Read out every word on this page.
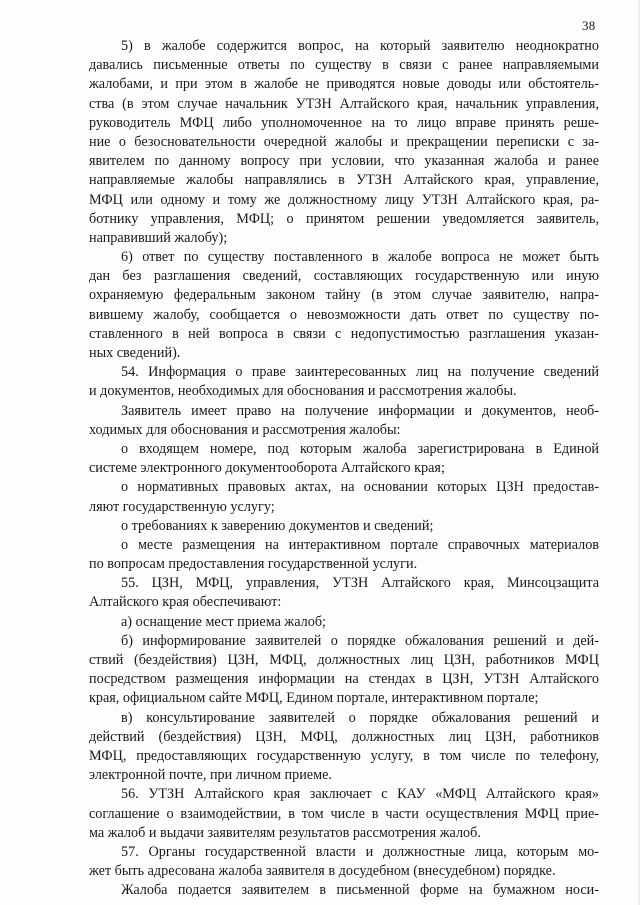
38
5) в жалобе содержится вопрос, на который заявителю неоднократно
давались письменные ответы по существу в связи с ранее направляемыми
жалобами, и при этом в жалобе не приводятся новые доводы или обстоятель-
ства (в этом случае начальник УТЗН Алтайского края, начальник управления,
руководитель МФЦ либо уполномоченное на то лицо вправе принять реше-
ние о безосновательности очередной жалобы и прекращении переписки с за-
явителем по данному вопросу при условии, что указанная жалоба и ранее
направляемые жалобы направлялись в УТЗН Алтайского края, управление,
МФЦ или одному и тому же должностному лицу УТЗН Алтайского края, ра-
ботнику управления, МФЦ; о принятом решении уведомляется заявитель,
направивший жалобу);
6) ответ по существу поставленного в жалобе вопроса не может быть
дан без разглашения сведений, составляющих государственную или иную
охраняемую федеральным законом тайну (в этом случае заявителю, напра-
вившему жалобу, сообщается о невозможности дать ответ по существу по-
ставленного в ней вопроса в связи с недопустимостью разглашения указан-
ных сведений).
54. Информация о праве заинтересованных лиц на получение сведений
и документов, необходимых для обоснования и рассмотрения жалобы.
Заявитель имеет право на получение информации и документов, необ-
ходимых для обоснования и рассмотрения жалобы:
о входящем номере, под которым жалоба зарегистрирована в Единой
системе электронного документооборота Алтайского края;
о нормативных правовых актах, на основании которых ЦЗН предостав-
ляют государственную услугу;
о требованиях к заверению документов и сведений;
о месте размещения на интерактивном портале справочных материалов
по вопросам предоставления государственной услуги.
55. ЦЗН, МФЦ, управления, УТЗН Алтайского края, Минсоцзащита
Алтайского края обеспечивают:
а) оснащение мест приема жалоб;
б) информирование заявителей о порядке обжалования решений и дей-
ствий (бездействия) ЦЗН, МФЦ, должностных лиц ЦЗН, работников МФЦ
посредством размещения информации на стендах в ЦЗН, УТЗН Алтайского
края, официальном сайте МФЦ, Едином портале, интерактивном портале;
в) консультирование заявителей о порядке обжалования решений и
действий (бездействия) ЦЗН, МФЦ, должностных лиц ЦЗН, работников
МФЦ, предоставляющих государственную услугу, в том числе по телефону,
электронной почте, при личном приеме.
56. УТЗН Алтайского края заключает с КАУ «МФЦ Алтайского края»
соглашение о взаимодействии, в том числе в части осуществления МФЦ прие-
ма жалоб и выдачи заявителям результатов рассмотрения жалоб.
57. Органы государственной власти и должностные лица, которым мо-
жет быть адресована жалоба заявителя в досудебном (внесудебном) порядке.
Жалоба подается заявителем в письменной форме на бумажном носи-
